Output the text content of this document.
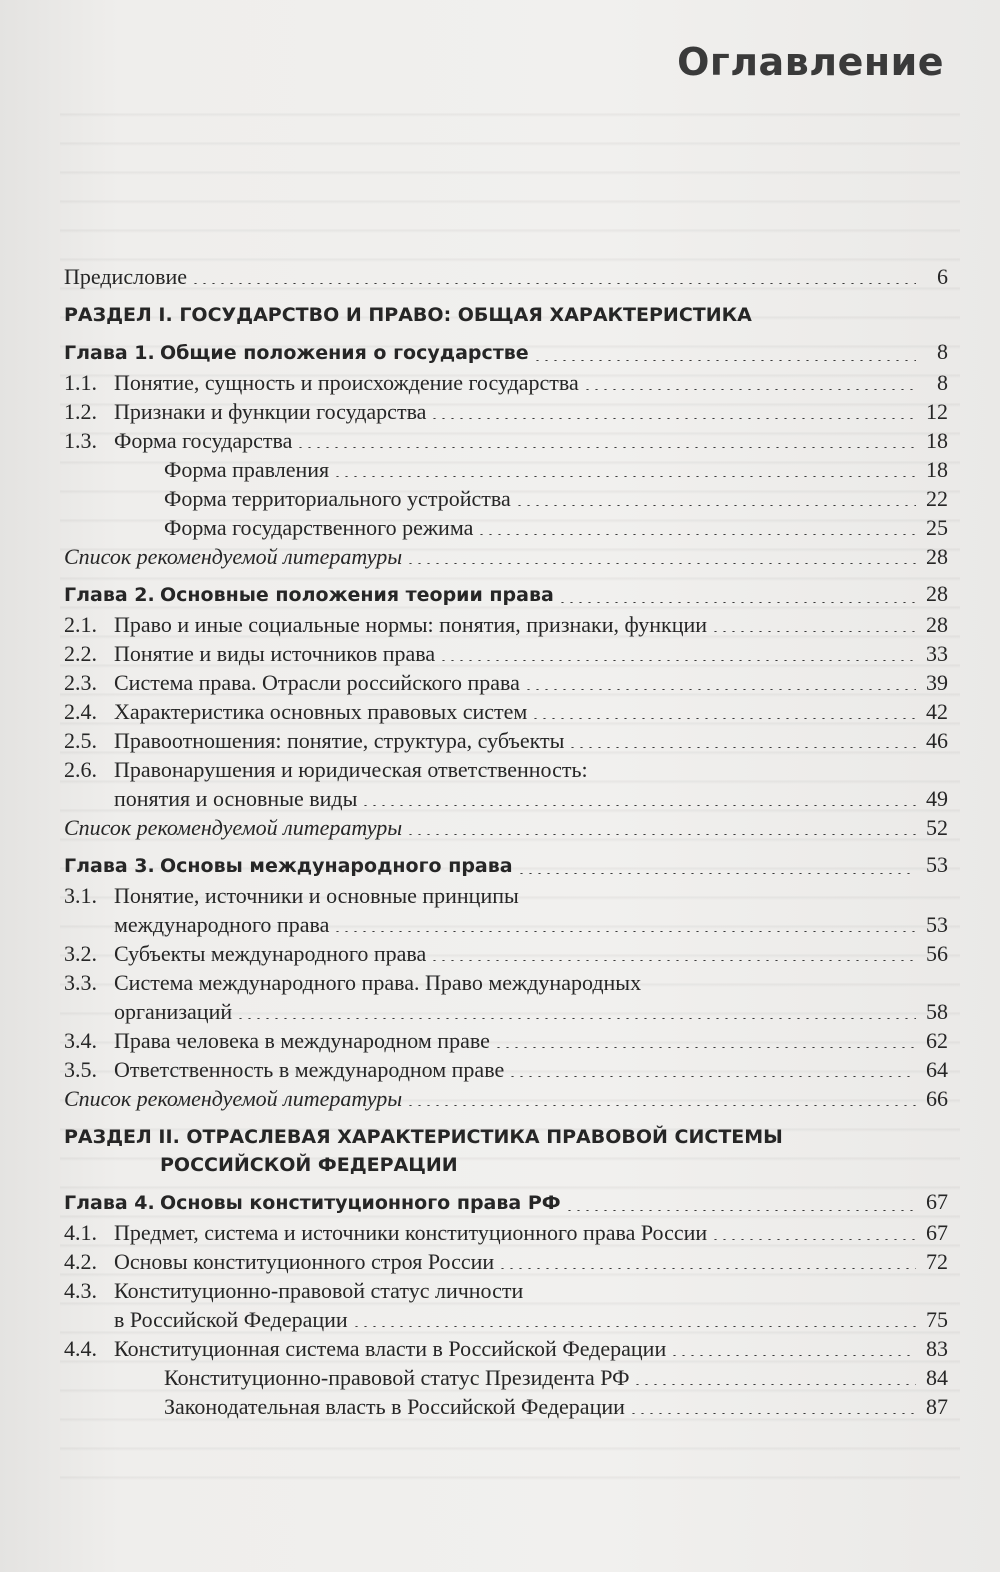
Оглавление
Предисловие	6
РАЗДЕЛ I. ГОСУДАРСТВО И ПРАВО: ОБЩАЯ ХАРАКТЕРИСТИКА
Глава 1. Общие положения о государстве	8
1.1. Понятие, сущность и происхождение государства	8
1.2. Признаки и функции государства	12
1.3. Форма государства	18
Форма правления	18
Форма территориального устройства	22
Форма государственного режима	25
Список рекомендуемой литературы	28
Глава 2. Основные положения теории права	28
2.1. Право и иные социальные нормы: понятия, признаки, функции	28
2.2. Понятие и виды источников права	33
2.3. Система права. Отрасли российского права	39
2.4. Характеристика основных правовых систем	42
2.5. Правоотношения: понятие, структура, субъекты	46
2.6. Правонарушения и юридическая ответственность:
понятия и основные виды	49
Список рекомендуемой литературы	52
Глава 3. Основы международного права	53
3.1. Понятие, источники и основные принципы
международного права	53
3.2. Субъекты международного права	56
3.3. Система международного права. Право международных
организаций	58
3.4. Права человека в международном праве	62
3.5. Ответственность в международном праве	64
Список рекомендуемой литературы	66
РАЗДЕЛ II. ОТРАСЛЕВАЯ ХАРАКТЕРИСТИКА ПРАВОВОЙ СИСТЕМЫ
РОССИЙСКОЙ ФЕДЕРАЦИИ
Глава 4. Основы конституционного права РФ	67
4.1. Предмет, система и источники конституционного права России	67
4.2. Основы конституционного строя России	72
4.3. Конституционно-правовой статус личности
в Российской Федерации	75
4.4. Конституционная система власти в Российской Федерации	83
Конституционно-правовой статус Президента РФ	84
Законодательная власть в Российской Федерации	87
